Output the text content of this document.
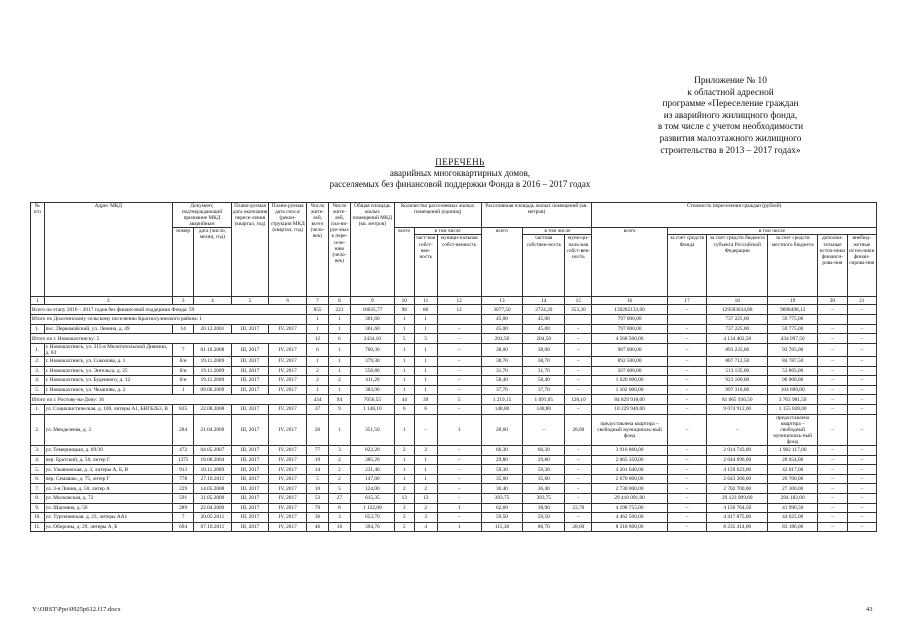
Приложение № 10
к областной адресной
программе «Переселение граждан
из аварийного жилищного фонда,
в том числе с учетом необходимости
развития малоэтажного жилищного
строительства в 2013 – 2017 годах»
ПЕРЕЧЕНЬ
аварийных многоквартирных домов,
расселяемых без финансовой поддержки Фонда в 2016 – 2017 годах
№ п/п	Адрес МКД	Документ, подтверждающий признание МКД аварийным		Плани-руемая дата окончания пересе-ления (квартал, год)	Плани-руемая дата сноса/ (рекон-струкции МКД (квартал, год)	Число жите-лей, всего (чело-век)	Число жите-лей, пла-ни-руе-мых к пере-селе-нию (чело-век)	Общая площадь жилых помещений МКД (кв. метров)	Количество расселяемых жилых помещений (единиц)			Расселяемая площадь жилых помещений (кв. метров)			Стоимость переселения граждан (рублей)					
		номер	дата (число, месяц, год)						всего	в том числе		всего	в том числе		всего	в том числе				
										част-ная собст-вен-ность	муници-пальная собст-венность		частная собствен-ность	муни-ци-паль-ная собст-вен-ность		за счет средств Фонда	за счет средств бюджета субъекта Российской Федерации	за счет средств местного бюджета	дополни-тельные источ-ники финанси-рова-ния	внебюд-жетные источ-ники финан-сирова-ния
1	2	3	4	5	6	7	8	9	10	11	12	13	14	15	16	17	18	19	20	21
Всего по этапу 2016 – 2017 годов без финансовой поддержки Фонда: 59						855	221	18035,77	98	86	12	3077,50	2724,20	353,30	139282133,00	–	129583634,88	9698498,12	–	–
Итого по Долотинскому сельскому поселению Красносулинского района: 1						1	1	361,60	1	1		45,00	45,00		797 000,00		737 225,00	59 775,00		
1.	пос. Первомайский, ул. Ленина, д. 49	14	20.12.2001	III, 2017	IV, 2017	1	1	361,60	1	1	–	45,00	45,00	–	797 000,00	–	737 225,00	59 775,00	–	–
Итого по г. Новошахтинску: 5						12	6	2434,10	5	5	–	204,50	204,50	–	4 568 500,00	–	4 134 402,50	434 097,50	–	–
1.	г. Новошахтинск, ул. 315-я Мелитопольской Дивизии, д. 83	7	01.10.2008	III, 2017	IV, 2017	6	1	700,30	1	1	–	38,00	38,00	–	987 000,00	–	893 235,00	93 765,00	–	–
2.	г. Новошахтинск, ул. Соколова, д. 1	б/н	19.11.2009	III, 2017	IV, 2017	1	1	379,30	1	1	–	38,70	38,70	–	892 500,00	–	807 712,50	84 787,50	–	–
3.	г. Новошахтинск, ул. Энгельса, д. 25	б/н	19.11.2009	III, 2017	IV, 2017	2	1	558,80	1	1	–	31,70	31,70	–	567 000,00	–	513 135,00	53 865,00	–	–
4.	г. Новошахтинск, ул. Буденного, д. 12	б/н	19.11.2009	III, 2017	IV, 2017	2	2	411,20	1	1	–	58,40	58,40	–	1 020 000,00	–	923 100,00	96 900,00	–	–
5.	г. Новошахтинск, ул. Чехаппва, д. 2	1	09.06.2009	III, 2017	IV, 2017	1	1	383,90	1	1	–	37,70	37,70	–	1 102 000,00	–	997 310,00	104 690,00	–	–
Итого по г. Ростову-на-Дону: 16						434	94	7056,55	44	39	5	1 219,15	1 091,05	128,10	84 829 918,00	–	81 065 936,50	3 763 981,50	–	–
1.	ул. Социалистическая, д. 106, литеры А1, БВГБ2Б3, В	835	22.08.2008	III, 2017	IV, 2017	37	9	1 148,10	6	6	–	148,80	148,80	–	10 229 940,00	–	9 074 912,00	1 155 028,00	–	–
2.	ул. Менделеева, д. 3	284	21.04.2009	III, 2017	IV, 2017	20	1	351,50	1	–	1	28,60	–	28,60	предоставлена квартира – свободный муниципаль-ный фонд	–	–	предоставлена квартира – свободный муниципаль-ный фонд	–	–
3.	ул. Темерницкая, д. 69/30	472	04.05.2007	III, 2017	IV, 2017	77	3	822,20	2	2	–	66,30	66,30	–	3 916 860,00	–	2 014 743,00	1 902 117,00	–	–
4.	пер. Братский, д. 56, литер Г	1375	18.08.2004	III, 2017	IV, 2017	19	2	385,20	1	1	–	29,80	29,80	–	2 065 350,00	–	2 044 696,00	20 654,00	–	–
5.	ул. Ульяновская, д. 3, литеры А, Б, В	913	10.11.2009	III, 2017	IV, 2017	14	2	231,40	1	1	–	59,30	59,30	–	4 201 640,00	–	4 159 623,00	42 017,00	–	–
6.	пер. Семашко, д. 75, литер Г	778	27.10.2011	III, 2017	IV, 2017	5	2	147,00	1	1	–	35,60	35,60	–	2 670 000,00	–	2 643 300,00	26 700,00	–	–
7.	ул. 3-я Линия, д. 50, литер А	229	14.05.2008	III, 2017	IV, 2017	10	5	124,00	2	2	–	36,40	36,40	–	2 730 000,00	–	2 702 700,00	27 300,00	–	–
8.	ул. Московская, д. 72	591	31.05.2009	III, 2017	IV, 2017	53	27	615,35	13	13	–	393,75	393,75	–	29 418 091,00	–	29 123 909,00	294 182,00	–	–
9.	ул. Шаумяна, д. 56	289	22.04.2009	III, 2017	IV, 2017	70	8	1 122,00	3	2	1	62,60	38,90	23,70	4 198 755,00	–	4 156 764,50	41 990,50	–	–
10.	ул. Тургеневская, д. 23, литеры АА1	7	20.05.2011	III, 2017	IV, 2017	36	3	653,70	3	3	–	59,50	59,50	–	4 462 500,00	–	4 417 875,00	44 625,00	–	–
11.	ул. Обороны, д. 29, литеры А, Б	694	07.10.2011	III, 2017	IV, 2017	46	16	394,70	5	4	1	115,30	86,70	28,60	8 318 600,00	–	8 235 414,00	83 186,00	–	–
Y:\ORST\Ppo\0925p612.f17.docx	43
